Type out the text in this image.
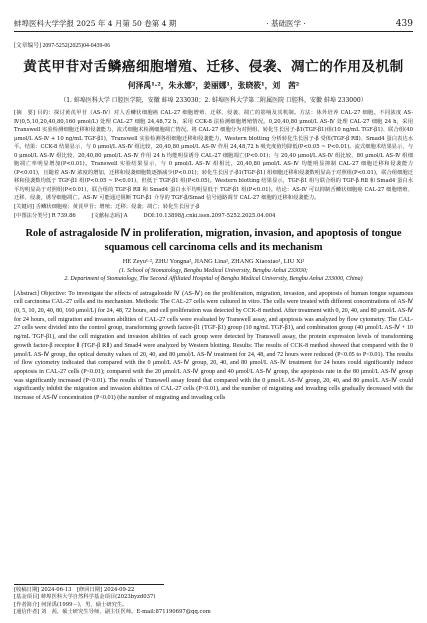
蚌埠医科大学学报 2025 年 4 月第 50 卷第 4 期	· 基础医学 ·	439
[文章编号] 2097-5252(2025)04-0439-06
黄芪甲苷对舌鳞癌细胞增殖、迁移、侵袭、凋亡的作用及机制
何泽禹¹·²，朱永娜²，姜丽娜¹，张晓筱¹，刘　茜²
（1. 蚌埠医科大学 口腔医学院，安徽 蚌埠 233030；2. 蚌埠医科大学第二附属医院 口腔科，安徽 蚌埠 233000）
[摘　要] 目的：探讨黄芪甲苷（AS-Ⅳ）对人舌鳞状细胞癌 CAL-27 细胞增殖、迁移、侵袭、凋亡的影响及其机制。方法：体外培养 CAL-27 细胞。不同浓度 AS-Ⅳ(0,5,10,20,40,80,160 μmol/L) 处理 CAL-27 细胞 24,48,72 h，采用 CCK-8 法检测细胞增殖情况。0,20,40,80 μmol/L AS-Ⅳ 处理 CAL-27 细胞 24 h，采用 Transwell 实验检测细胞迁移和侵袭能力，流式细胞术检测细胞凋亡情况。将 CAL-27 细胞分为对照组、转化生长因子-β1(TGF-β1)组(10 ng/mL TGF-β1)、联合组(40 μmol/L AS-Ⅳ + 10 ng/mL TGF-β1)，Transwell 实验检测各组细胞迁移和侵袭能力，Western blotting 分析转化生长因子-β 受体(TGF-β RⅡ)、Smad4 蛋白表达水平。结果：CCK-8 结果显示，与 0 μmol/L AS-Ⅳ 组比较，20,40,80 μmol/L AS-Ⅳ 作用 24,48,72 h 吸光度值均降低(P<0.05 ~ P<0.01)。流式细胞术结果显示，与 0 μmol/L AS-Ⅳ 组比较，20,40,80 μmol/L AS-Ⅳ 作用 24 h 均能明显诱导 CAL-27 细胞凋亡(P<0.01)；与 20,40 μmol/L AS-Ⅳ 组比较，80 μmol/L AS-Ⅳ 组细胞凋亡率明显增加(P<0.01)。Transwell 实验结果显示，与 0 μmol/L AS-Ⅳ 组相比，20,40,80 μmol/L AS-Ⅳ 均能明显抑制 CAL-27 细胞迁移和侵袭能力(P<0.01)，且随着 AS-Ⅳ 浓度的增加，迁移和侵袭细胞数逐渐减少(P<0.01)；转化生长因子-β1(TGF-β1) 组细胞迁移和侵袭数明显高于对照组(P<0.01)，联合组细胞迁移和侵袭数均低于 TGF-β1 组(P<0.05 ~ P<0.01)，但低于 TGF-β1 组(P<0.05)。Western blotting 结果显示，TGF-β1 组与联合组的 TGF-β RⅡ 和 Smad4 蛋白水平均明显高于对照组(P<0.01)，联合组的 TGF-β RⅡ 和 Smad4 蛋白水平均明显低于 TGF-β1 组(P<0.01)。结论：AS-Ⅳ 可以抑制舌鳞状细胞癌 CAL-27 细胞增殖、迁移、侵袭，诱导细胞凋亡。AS-Ⅳ 可能通过阻断 TGF-β1 介导的 TGF-β/Smad 信号通路调节 CAL-27 细胞的迁移和侵袭能力。
[关键词] 舌鳞状细胞癌；黄芪甲苷；增殖；迁移；侵袭；凋亡；转化生长因子-β
[中图法分类号] R 739.86	[文献标志码] A	DOI:10.13898/j.cnki.issn.2097-5252.2025.04.004
Role of astragaloside Ⅳ in proliferation, migration, invasion, and apoptosis of tongue squamous cell carcinoma cells and its mechanism
HE Zeyu¹·², ZHU Yongna², JIANG Lina¹, ZHANG Xiaoxiao¹, LIU Xi²
(1. School of Stomatology, Bengbu Medical University, Bengbu Anhui 233030;
2. Department of Stomatology, The Second Affiliated Hospital of Bengbu Medical University, Bengbu Anhui 233000, China)
[Abstract] Objective: To investigate the effects of astragaloside Ⅳ (AS-Ⅳ) on the proliferation, migration, invasion, and apoptosis of human tongue squamous cell carcinoma CAL-27 cells and its mechanism. Methods: The CAL-27 cells were cultured in vitro. The cells were treated with different concentrations of AS-Ⅳ (0, 5, 10, 20, 40, 80, 160 μmol/L) for 24, 48, 72 hours, and cell proliferation was detected by CCK-8 method. After treatment with 0, 20, 40, and 80 μmol/L AS-Ⅳ for 24 hours, cell migration and invasion abilities of CAL-27 cells were evaluated by Transwell assay, and apoptosis was analyzed by flow cytometry. The CAL-27 cells were divided into the control group, transforming growth factor-β1 (TGF-β1) group (10 ng/mL TGF-β1), and combination group (40 μmol/L AS-Ⅳ + 10 ng/mL TGF-β1), and the cell migration and invasion abilities of each group were detected by Transwell assay, the protein expression levels of transforming growth factor-β receptor Ⅱ (TGF-β RⅡ) and Smad4 were analyzed by Western blotting. Results: The results of CCK-8 method showed that compared with the 0 μmol/L AS-Ⅳ group, the optical density values of 20, 40, and 80 μmol/L AS-Ⅳ treatment for 24, 48, and 72 hours were reduced (P<0.05 to P<0.01). The results of flow cytometry indicated that compared with the 0 μmol/L AS-Ⅳ group, 20, 40, and 80 μmol/L AS-Ⅳ treatment for 24 hours could significantly induce apoptosis in CAL-27 cells (P<0.01); compared with the 20 μmol/L AS-Ⅳ group and 40 μmol/L AS-Ⅳ group, the apoptosis rate in the 80 μmol/L AS-Ⅳ group was significantly increased (P<0.01). The results of Transwell assay found that compared with the 0 μmol/L AS-Ⅳ group, 20, 40, and 80 μmol/L AS-Ⅳ could significantly inhibit the migration and invasion abilities of CAL-27 cells (P<0.01), and the number of migrating and invading cells gradually decreased with the increase of AS-Ⅳ concentration (P<0.01) (the number of migrating and invading cells
[收稿日期] 2024-06-13　[修回日期] 2024-09-22
[基金项目] 蚌埠医科大学自然科学基金项目(2023byzd037)
[作者简介] 何泽禹(1999－)，男，硕士研究生。
[通信作者] 刘　茜，硕士研究生导师，副主任医师。E-mail:871190697@qq.com
